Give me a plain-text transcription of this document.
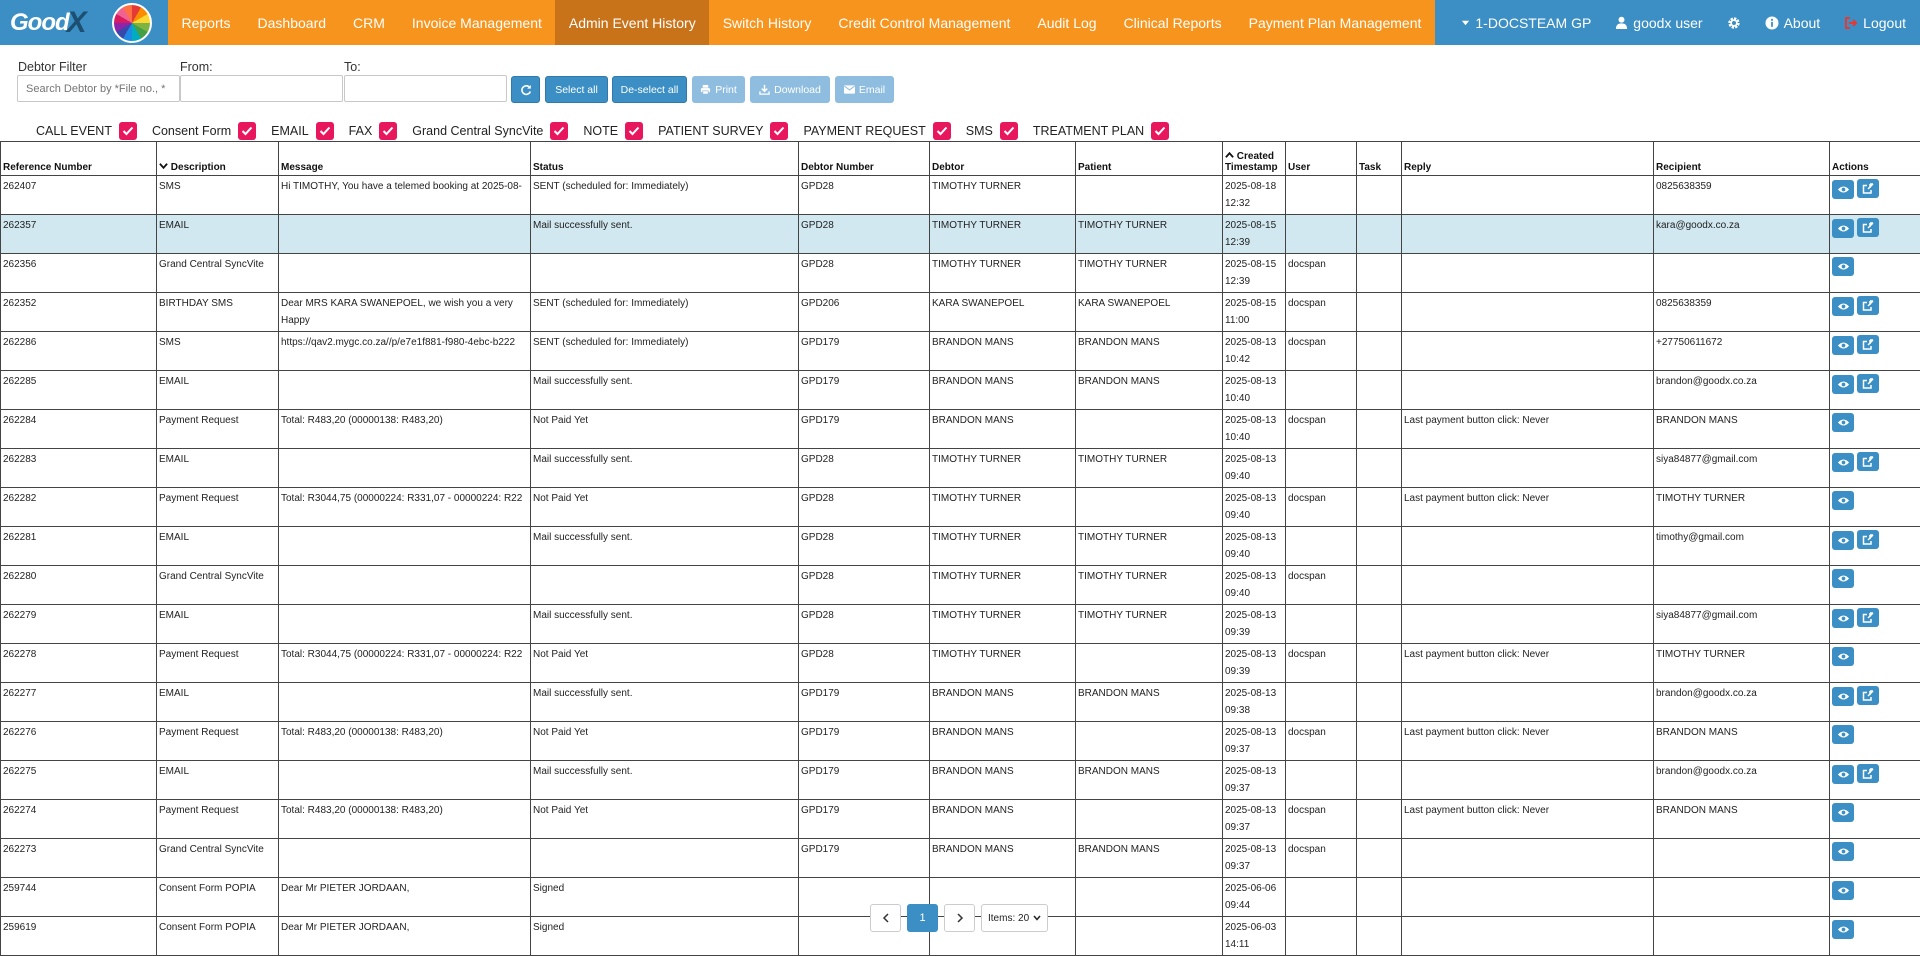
Good
X	Reports	Dashboard	CRM	Invoice Management	Admin Event History	Switch History	Credit Control Management	Audit Log	Clinical Reports	Payment Plan Management	1-DOCSTEAM GP	goodx user	About	Logout
Debtor Filter
Search Debtor by *File no., *	From:	To:
Select all De-select all	Print	Download	Email
CALL EVENT	Consent Form	EMAIL	FAX	Grand Central SyncVite	NOTE	PATIENT SURVEY	PAYMENT REQUEST	SMS	TREATMENT PLAN
Reference Number	Description	Message	Status	Debtor Number	Debtor	Patient	Created
Timestamp	User	Task	Reply	Recipient	Actions
262407	SMS	Hi TIMOTHY, You have a telemed booking at 2025-08-	SENT (scheduled for: Immediately)	GPD28	TIMOTHY TURNER		2025-08-18
12:32				0825638359	

262357	EMAIL		Mail successfully sent.	GPD28	TIMOTHY TURNER	TIMOTHY TURNER	2025-08-15
12:39				kara@goodx.co.za	

262356	Grand Central SyncVite			GPD28	TIMOTHY TURNER	TIMOTHY TURNER	2025-08-15
12:39	docspan				

262352	BIRTHDAY SMS	Dear MRS KARA SWANEPOEL, we wish you a very Happy	SENT (scheduled for: Immediately)	GPD206	KARA SWANEPOEL	KARA SWANEPOEL	2025-08-15
11:00	docspan			0825638359	

262286	SMS	https://qav2.mygc.co.za//p/e7e1f881-f980-4ebc-b222	SENT (scheduled for: Immediately)	GPD179	BRANDON MANS	BRANDON MANS	2025-08-13
10:42	docspan			+27750611672	

262285	EMAIL		Mail successfully sent.	GPD179	BRANDON MANS	BRANDON MANS	2025-08-13
10:40				brandon@goodx.co.za	

262284	Payment Request	Total: R483,20 (00000138: R483,20)	Not Paid Yet	GPD179	BRANDON MANS		2025-08-13
10:40	docspan		Last payment button click: Never	BRANDON MANS	

262283	EMAIL		Mail successfully sent.	GPD28	TIMOTHY TURNER	TIMOTHY TURNER	2025-08-13
09:40				siya84877@gmail.com	

262282	Payment Request	Total: R3044,75 (00000224: R331,07 - 00000224: R22	Not Paid Yet	GPD28	TIMOTHY TURNER		2025-08-13
09:40	docspan		Last payment button click: Never	TIMOTHY TURNER	

262281	EMAIL		Mail successfully sent.	GPD28	TIMOTHY TURNER	TIMOTHY TURNER	2025-08-13
09:40				timothy@gmail.com	

262280	Grand Central SyncVite			GPD28	TIMOTHY TURNER	TIMOTHY TURNER	2025-08-13
09:40	docspan				

262279	EMAIL		Mail successfully sent.	GPD28	TIMOTHY TURNER	TIMOTHY TURNER	2025-08-13
09:39				siya84877@gmail.com	

262278	Payment Request	Total: R3044,75 (00000224: R331,07 - 00000224: R22	Not Paid Yet	GPD28	TIMOTHY TURNER		2025-08-13
09:39	docspan		Last payment button click: Never	TIMOTHY TURNER	

262277	EMAIL		Mail successfully sent.	GPD179	BRANDON MANS	BRANDON MANS	2025-08-13
09:38				brandon@goodx.co.za	

262276	Payment Request	Total: R483,20 (00000138: R483,20)	Not Paid Yet	GPD179	BRANDON MANS		2025-08-13
09:37	docspan		Last payment button click: Never	BRANDON MANS	

262275	EMAIL		Mail successfully sent.	GPD179	BRANDON MANS	BRANDON MANS	2025-08-13
09:37				brandon@goodx.co.za	

262274	Payment Request	Total: R483,20 (00000138: R483,20)	Not Paid Yet	GPD179	BRANDON MANS		2025-08-13
09:37	docspan		Last payment button click: Never	BRANDON MANS	

262273	Grand Central SyncVite			GPD179	BRANDON MANS	BRANDON MANS	2025-08-13
09:37	docspan				

259744	Consent Form POPIA	Dear Mr PIETER JORDAAN,	Signed				2025-06-06
09:44					

259619	Consent Form POPIA	Dear Mr PIETER JORDAAN,	Signed				2025-06-03
14:11					
1	Items: 20
